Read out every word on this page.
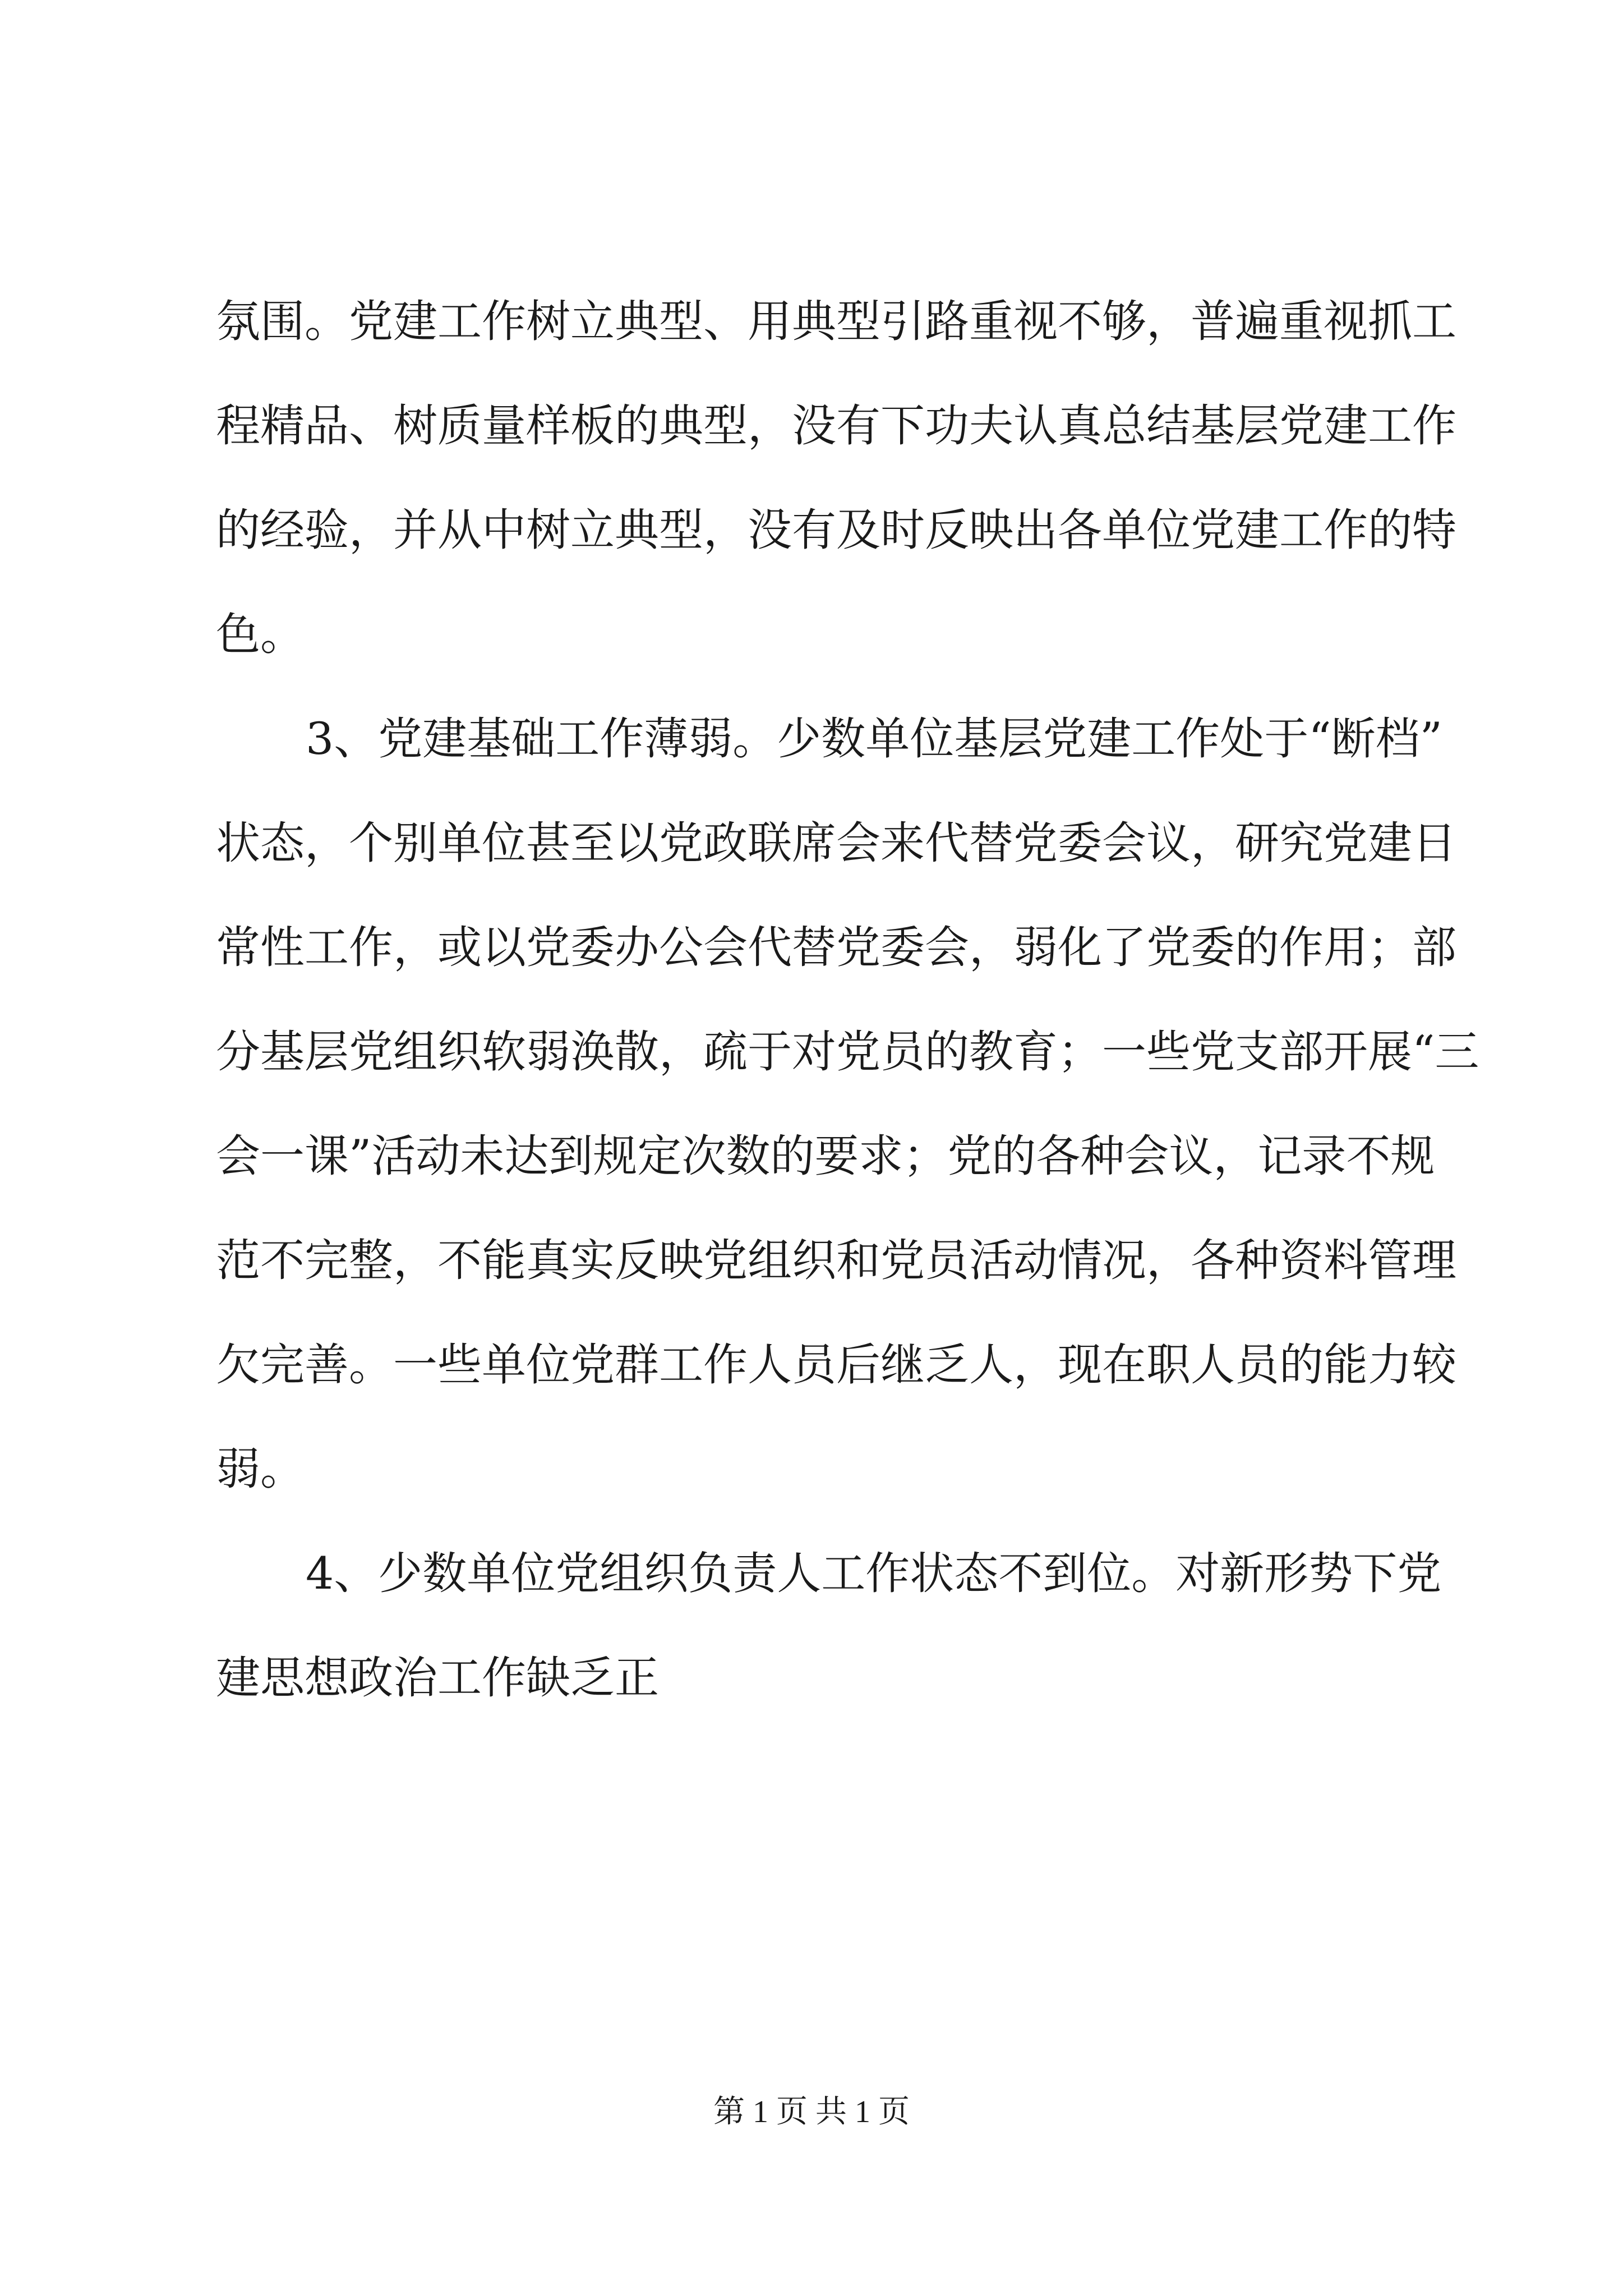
氛围。党建工作树立典型、用典型引路重视不够，普遍重视抓工
程精品、树质量样板的典型，没有下功夫认真总结基层党建工作
的经验，并从中树立典型，没有及时反映出各单位党建工作的特
色。
3、党建基础工作薄弱。少数单位基层党建工作处于“断档”
状态，个别单位甚至以党政联席会来代替党委会议，研究党建日
常性工作，或以党委办公会代替党委会，弱化了党委的作用；部
分基层党组织软弱涣散，疏于对党员的教育；一些党支部开展“三
会一课”活动未达到规定次数的要求；党的各种会议，记录不规
范不完整，不能真实反映党组织和党员活动情况，各种资料管理
欠完善。一些单位党群工作人员后继乏人，现在职人员的能力较
弱。
4、少数单位党组织负责人工作状态不到位。对新形势下党
建思想政治工作缺乏正
第 1 页 共 1 页
